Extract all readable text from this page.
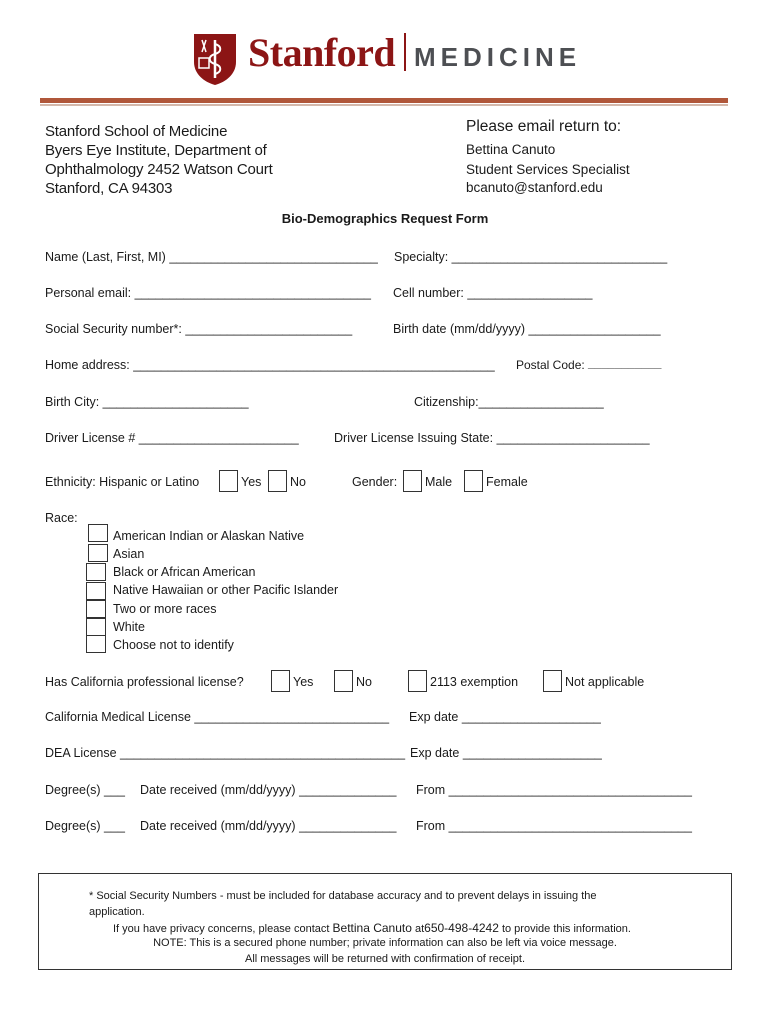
Stanford MEDICINE
Stanford School of Medicine
Byers Eye Institute, Department of
Ophthalmology 2452 Watson Court
Stanford, CA 94303
Please email return to:
Bettina Canuto
Student Services Specialist
bcanuto@stanford.edu
Bio-Demographics Request Form
Name (Last, First, MI) ______________________________ Specialty: _______________________________
Personal email: __________________________________ Cell number: __________________
Social Security number*: ________________________	Birth date (mm/dd/yyyy) ___________________
Home address: ____________________________________________________ Postal Code: ___________
Birth City: _____________________	Citizenship:__________________
Driver License # _______________________	Driver License Issuing State: ______________________
Ethnicity: Hispanic or Latino	Yes No	Gender: Male	Female
Race:
American Indian or Alaskan Native
Asian
Black or African American
Native Hawaiian or other Pacific Islander
Two or more races
White
Choose not to identify
Has California professional license?	Yes	No	2113 exemption	Not applicable
California Medical License ____________________________ Exp date ____________________
DEA License _________________________________________ Exp date ____________________
Degree(s) ___ Date received (mm/dd/yyyy) ______________ From ___________________________________
Degree(s) ___ Date received (mm/dd/yyyy) ______________ From ___________________________________
* Social Security Numbers - must be included for database accuracy and to prevent delays in issuing the
application.
If you have privacy concerns, please contact Bettina Canuto at650-498-4242 to provide this information.
NOTE: This is a secured phone number; private information can also be left via voice message.
All messages will be returned with confirmation of receipt.
